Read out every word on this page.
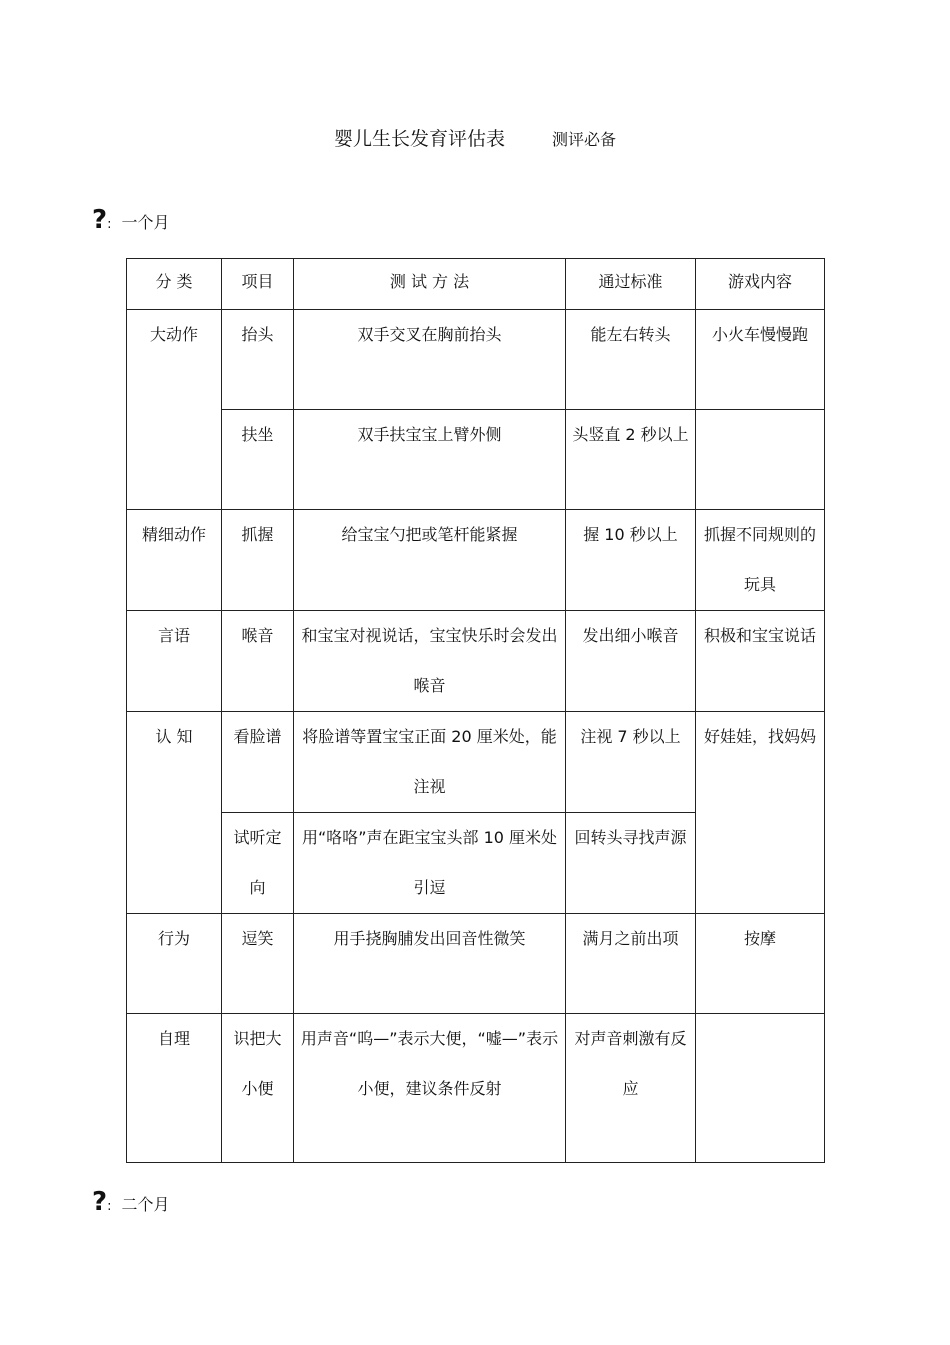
婴儿生长发育评估表	测评必备
? : 一个月
分 类	项目	测 试 方 法	通过标准	游戏内容
大动作	抬头	双手交叉在胸前抬头	能左右转头	小火车慢慢跑
	扶坐	双手扶宝宝上臂外侧	头竖直 2 秒以上	
精细动作	抓握	给宝宝勺把或笔杆能紧握	握 10 秒以上	抓握不同规则的玩具
言语	喉音	和宝宝对视说话，宝宝快乐时会发出喉音	发出细小喉音	积极和宝宝说话
认 知	看脸谱	将脸谱等置宝宝正面 20 厘米处，能注视	注视 7 秒以上	好娃娃，找妈妈
	试听定向	用“咯咯”声在距宝宝头部 10 厘米处引逗	回转头寻找声源	
行为	逗笑	用手挠胸脯发出回音性微笑	满月之前出项	按摩
自理	识把大小便	用声音“呜—”表示大便，“嘘—”表示小便，建议条件反射	对声音刺激有反应	
? : 二个月
